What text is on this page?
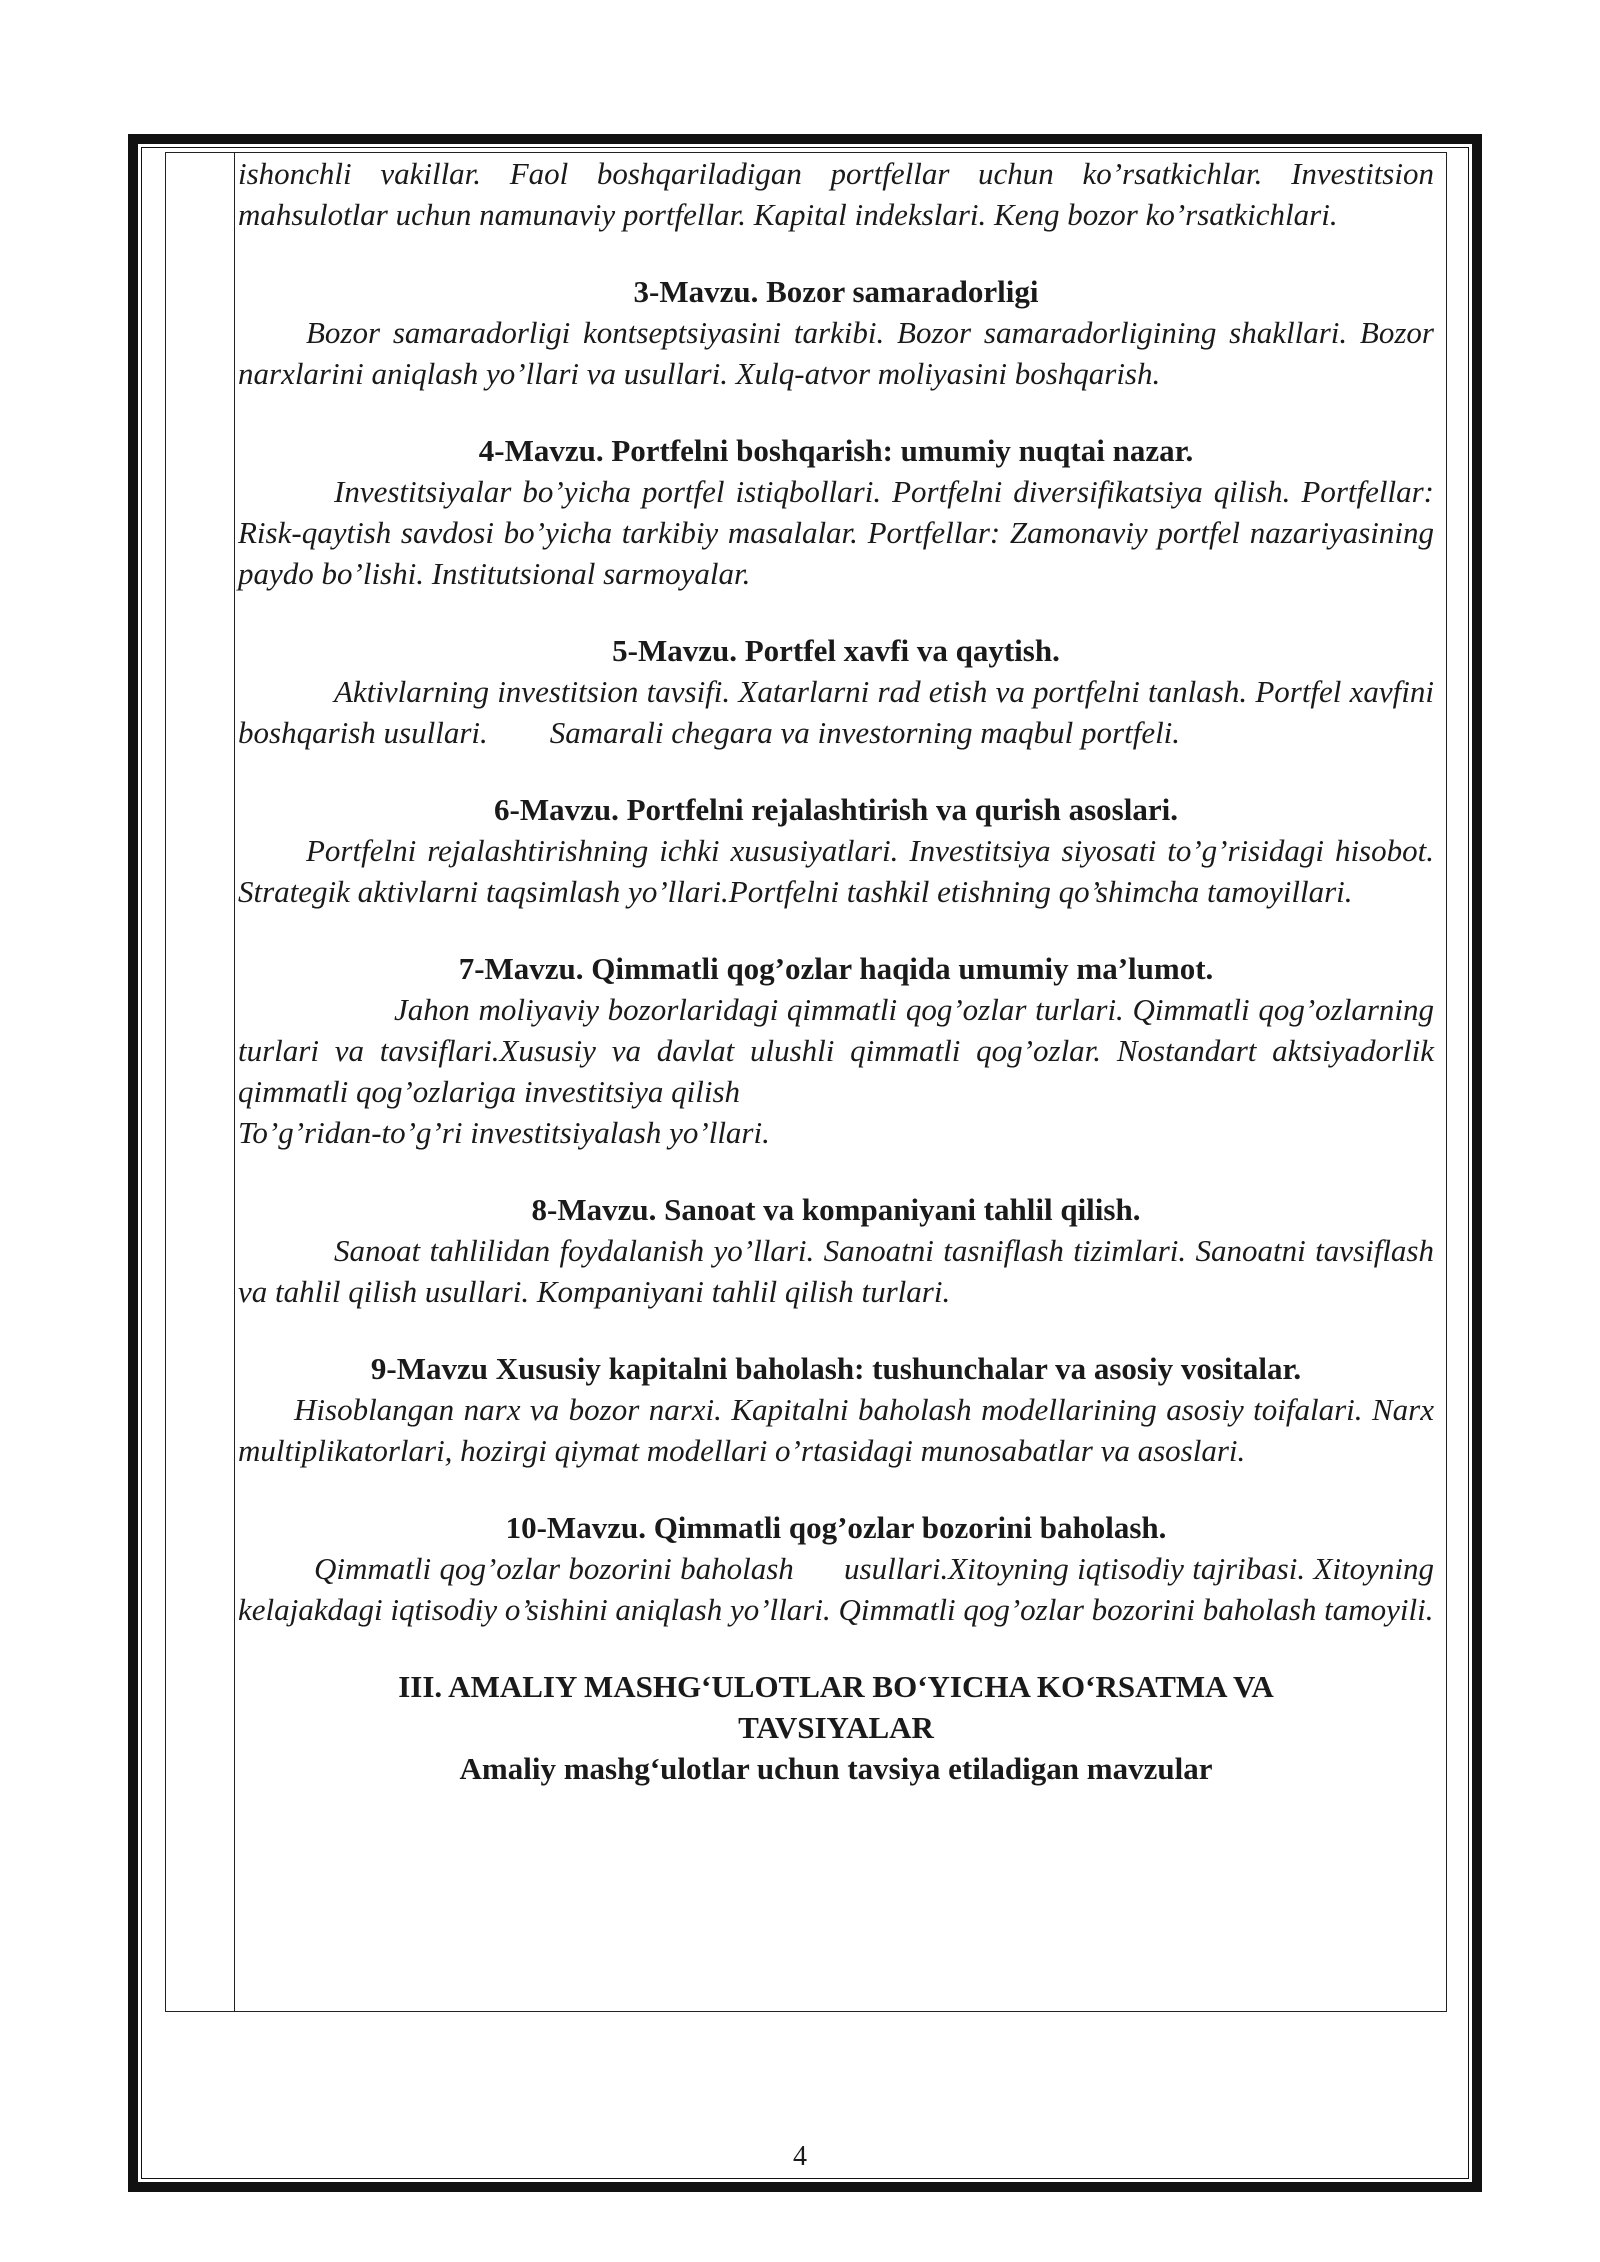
ishonchli vakillar. Faol boshqariladigan portfellar uchun ko’rsatkichlar. Investitsion mahsulotlar uchun namunaviy portfellar. Kapital indekslari. Keng bozor ko’rsatkichlari.

3-Mavzu. Bozor samaradorligi

Bozor samaradorligi kontseptsiyasini tarkibi. Bozor samaradorligining shakllari. Bozor narxlarini aniqlash yo’llari va usullari. Xulq-atvor moliyasini boshqarish.

4-Mavzu. Portfelni boshqarish: umumiy nuqtai nazar.

Investitsiyalar bo’yicha portfel istiqbollari. Portfelni diversifikatsiya qilish. Portfellar: Risk-qaytish savdosi bo’yicha tarkibiy masalalar. Portfellar: Zamonaviy portfel nazariyasining paydo bo’lishi. Institutsional sarmoyalar.

5-Mavzu. Portfel xavfi va qaytish.

Aktivlarning investitsion tavsifi. Xatarlarni rad etish va portfelni tanlash. Portfel xavfini boshqarish usullari.        Samarali chegara va investorning maqbul portfeli.

6-Mavzu. Portfelni rejalashtirish va qurish asoslari.

Portfelni rejalashtirishning ichki xususiyatlari. Investitsiya siyosati to’g’risidagi hisobot. Strategik aktivlarni taqsimlash yo’llari.Portfelni tashkil etishning qo’shimcha tamoyillari.

7-Mavzu. Qimmatli qog’ozlar haqida umumiy ma’lumot.

Jahon moliyaviy bozorlaridagi qimmatli qog’ozlar turlari. Qimmatli qog’ozlarning turlari va tavsiflari.Xususiy va davlat ulushli qimmatli qog’ozlar. Nostandart aktsiyadorlik qimmatli qog’ozlariga investitsiya qilish

To’g’ridan-to’g’ri investitsiyalash yo’llari.

8-Mavzu. Sanoat va kompaniyani tahlil qilish.

Sanoat tahlilidan foydalanish yo’llari. Sanoatni tasniflash tizimlari. Sanoatni tavsiflash va tahlil qilish usullari. Kompaniyani tahlil qilish turlari.

9-Mavzu Xususiy kapitalni baholash: tushunchalar va asosiy vositalar.

Hisoblangan narx va bozor narxi. Kapitalni baholash modellarining asosiy toifalari. Narx multiplikatorlari, hozirgi qiymat modellari o’rtasidagi munosabatlar va asoslari.

10-Mavzu. Qimmatli qog’ozlar bozorini baholash.

Qimmatli qog’ozlar bozorini baholash      usullari.Xitoyning iqtisodiy tajribasi. Xitoyning kelajakdagi iqtisodiy o’sishini aniqlash yo’llari. Qimmatli qog’ozlar bozorini baholash tamoyili.

III. AMALIY MASHG‘ULOTLAR BO‘YICHA KO‘RSATMA VA TAVSIYALAR

Amaliy mashg‘ulotlar uchun tavsiya etiladigan mavzular

4
